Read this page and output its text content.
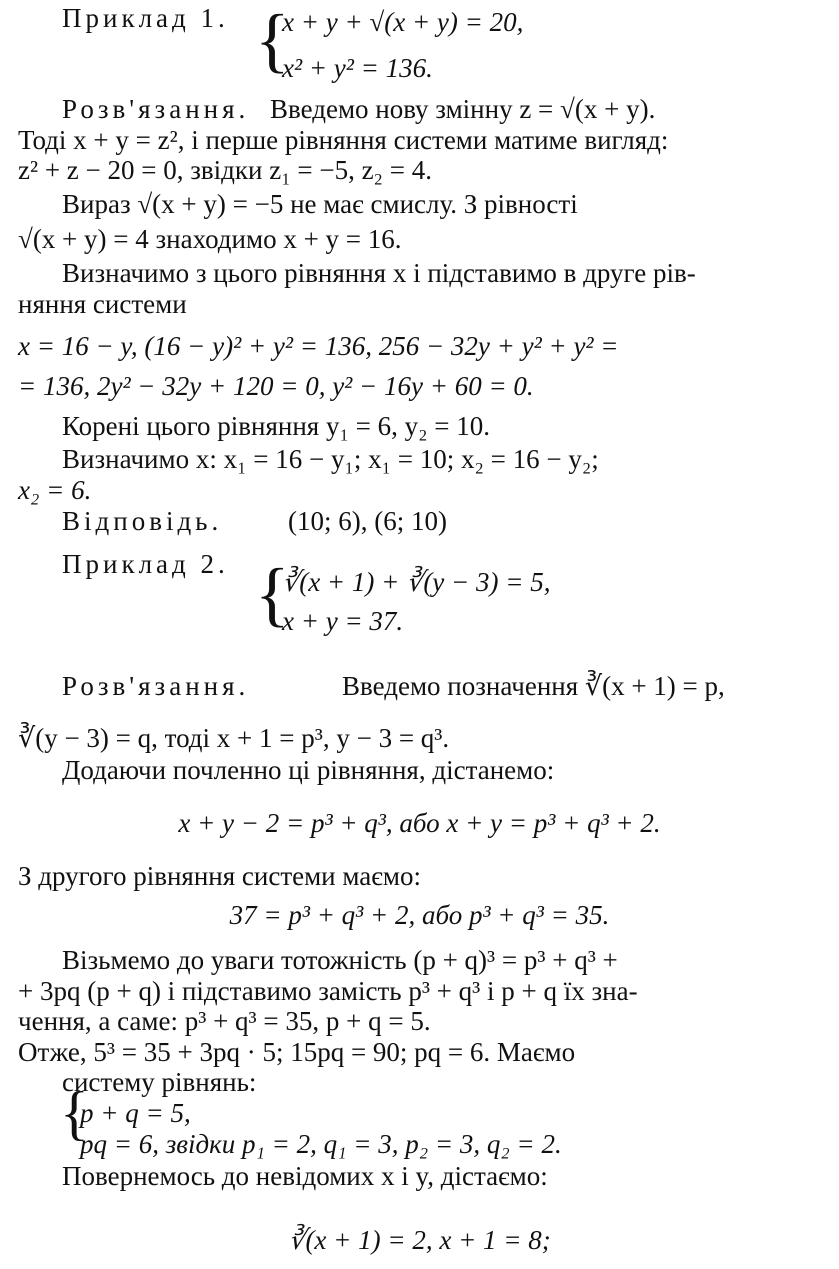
Приклад 1. {
x + y + √(x + y) = 20,
x² + y² = 136.
Розв'язання. Введемо нову змінну z = √(x + y).
Тоді x + y = z², і перше рівняння системи матиме вигляд:
z² + z − 20 = 0, звідки z₁ = −5, z₂ = 4.
Вираз √(x + y) = −5 не має смислу. З рівності
√(x + y) = 4 знаходимо x + y = 16.
Визначимо з цього рівняння x і підставимо в друге рів-
няння системи
x = 16 − y, (16 − y)² + y² = 136, 256 − 32y + y² + y² =
= 136, 2y² − 32y + 120 = 0, y² − 16y + 60 = 0.
Корені цього рівняння y₁ = 6, y₂ = 10.
Визначимо x: x₁ = 16 − y₁; x₁ = 10; x₂ = 16 − y₂;
x₂ = 6.
Відповідь. (10; 6), (6; 10)
Приклад 2. {
∛(x + 1) + ∛(y − 3) = 5,
x + y = 37.
Розв'язання.	Введемо позначення ∛(x + 1) = p,
∛(y − 3) = q, тоді x + 1 = p³, y − 3 = q³.
Додаючи почленно ці рівняння, дістанемо:
x + y − 2 = p³ + q³, або x + y = p³ + q³ + 2.
З другого рівняння системи маємо:
37 = p³ + q³ + 2, або p³ + q³ = 35.
Візьмемо до уваги тотожність (p + q)³ = p³ + q³ +
+ 3pq (p + q) і підставимо замість p³ + q³ і p + q їх зна-
чення, а саме: p³ + q³ = 35, p + q = 5.
Отже, 5³ = 35 + 3pq · 5; 15pq = 90; pq = 6. Маємо
систему рівнянь:
{
p + q = 5,
pq = 6, звідки p₁ = 2, q₁ = 3, p₂ = 3, q₂ = 2.
Повернемось до невідомих x і y, дістаємо:
∛(x + 1) = 2, x + 1 = 8;
